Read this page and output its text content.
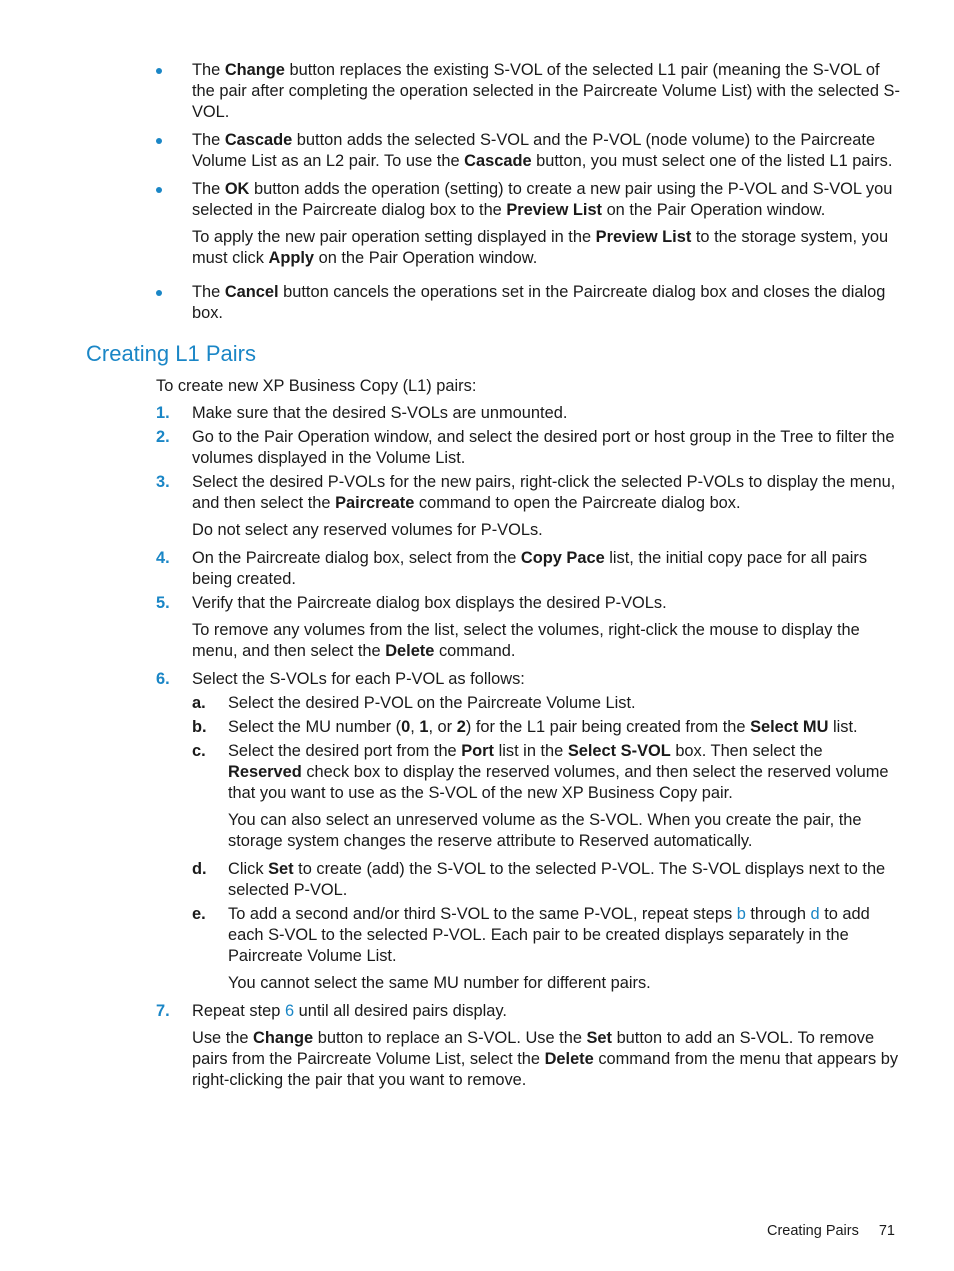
The Change button replaces the existing S-VOL of the selected L1 pair (meaning the S-VOL of the pair after completing the operation selected in the Paircreate Volume List) with the selected S-VOL.

The Cascade button adds the selected S-VOL and the P-VOL (node volume) to the Paircreate Volume List as an L2 pair. To use the Cascade button, you must select one of the listed L1 pairs.

The OK button adds the operation (setting) to create a new pair using the P-VOL and S-VOL you selected in the Paircreate dialog box to the Preview List on the Pair Operation window.

To apply the new pair operation setting displayed in the Preview List to the storage system, you must click Apply on the Pair Operation window.

The Cancel button cancels the operations set in the Paircreate dialog box and closes the dialog box.

Creating L1 Pairs

To create new XP Business Copy (L1) pairs:

1. Make sure that the desired S-VOLs are unmounted.

2. Go to the Pair Operation window, and select the desired port or host group in the Tree to filter the volumes displayed in the Volume List.

3. Select the desired P-VOLs for the new pairs, right-click the selected P-VOLs to display the menu, and then select the Paircreate command to open the Paircreate dialog box.

Do not select any reserved volumes for P-VOLs.

4. On the Paircreate dialog box, select from the Copy Pace list, the initial copy pace for all pairs being created.

5. Verify that the Paircreate dialog box displays the desired P-VOLs.

To remove any volumes from the list, select the volumes, right-click the mouse to display the menu, and then select the Delete command.

6. Select the S-VOLs for each P-VOL as follows:

a. Select the desired P-VOL on the Paircreate Volume List.

b. Select the MU number (0, 1, or 2) for the L1 pair being created from the Select MU list.

c. Select the desired port from the Port list in the Select S-VOL box. Then select the Reserved check box to display the reserved volumes, and then select the reserved volume that you want to use as the S-VOL of the new XP Business Copy pair.

You can also select an unreserved volume as the S-VOL. When you create the pair, the storage system changes the reserve attribute to Reserved automatically.

d. Click Set to create (add) the S-VOL to the selected P-VOL. The S-VOL displays next to the selected P-VOL.

e. To add a second and/or third S-VOL to the same P-VOL, repeat steps b through d to add each S-VOL to the selected P-VOL. Each pair to be created displays separately in the Paircreate Volume List.

You cannot select the same MU number for different pairs.

7. Repeat step 6 until all desired pairs display.

Use the Change button to replace an S-VOL. Use the Set button to add an S-VOL. To remove pairs from the Paircreate Volume List, select the Delete command from the menu that appears by right-clicking the pair that you want to remove.

Creating Pairs 71
